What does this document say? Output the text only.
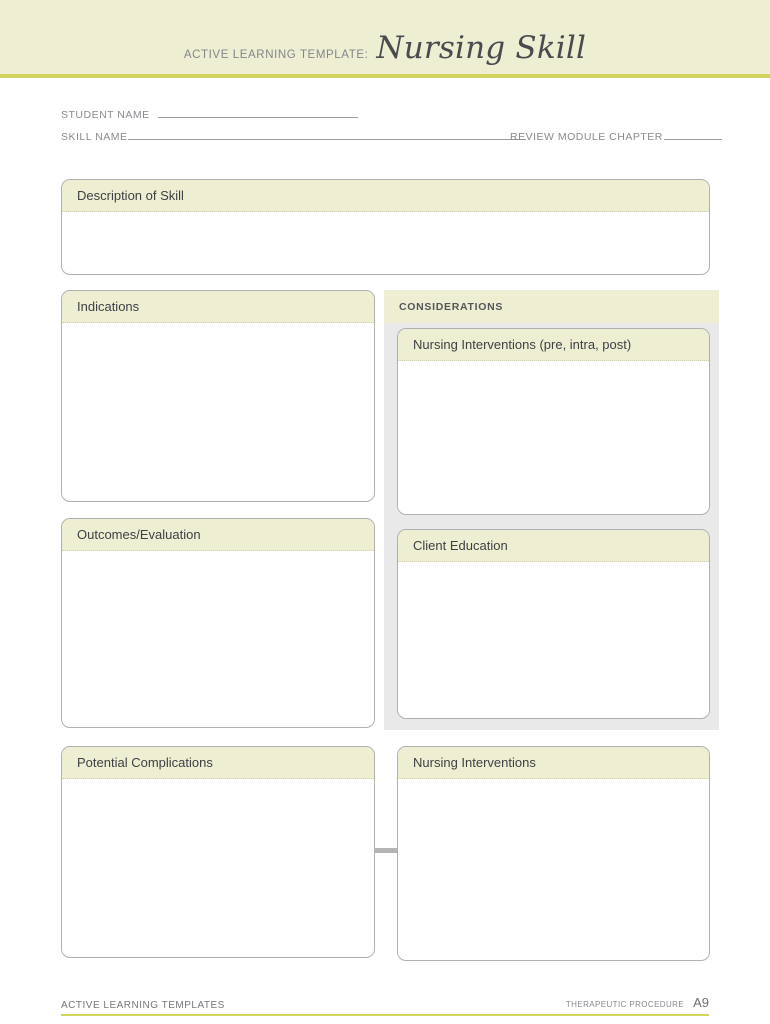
ACTIVE LEARNING TEMPLATE: Nursing Skill
STUDENT NAME
SKILL NAME	REVIEW MODULE CHAPTER
Description of Skill
Indications
Outcomes/Evaluation
CONSIDERATIONS
Nursing Interventions (pre, intra, post)
Client Education
Potential Complications	Nursing Interventions
ACTIVE LEARNING TEMPLATES	THERAPEUTIC PROCEDURE A9
